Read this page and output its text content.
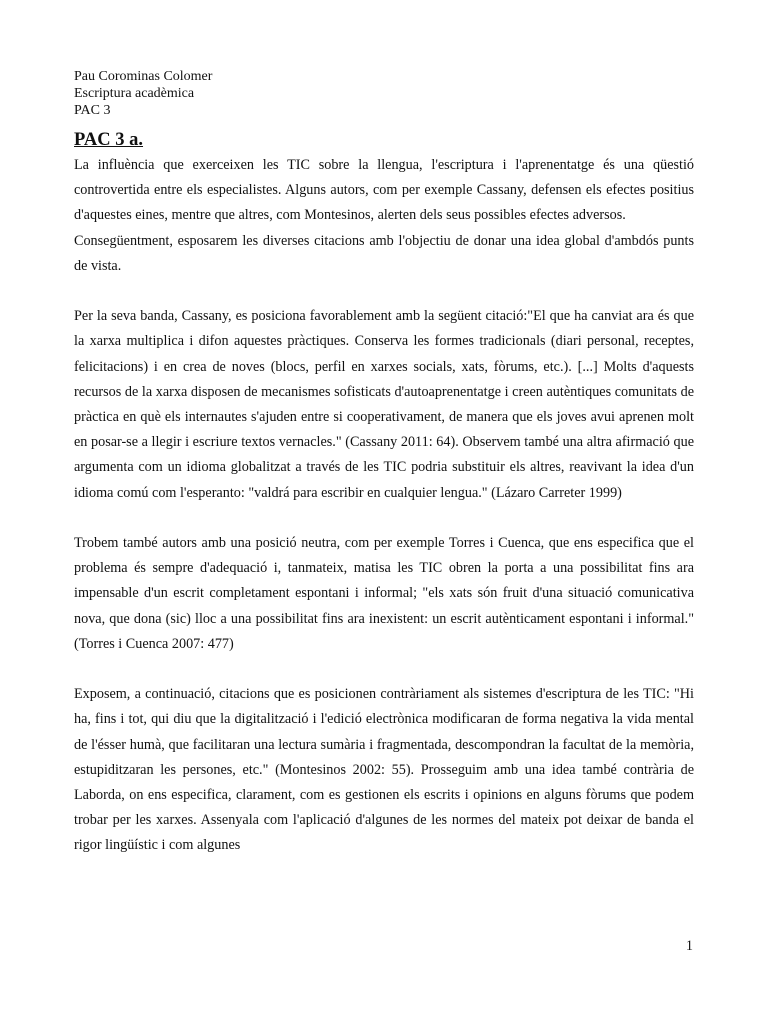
Pau Corominas Colomer

Escriptura acadèmica

PAC 3

PAC 3 a.

La influència que exerceixen les TIC sobre la llengua, l'escriptura i l'aprenentatge és una qüestió controvertida entre els especialistes. Alguns autors, com per exemple Cassany, defensen els efectes positius d'aquestes eines, mentre que altres, com Montesinos, alerten dels seus possibles efectes adversos.

Consegüentment, esposarem les diverses citacions amb l'objectiu de donar una idea global d'ambdós punts de vista.

Per la seva banda, Cassany, es posiciona favorablement amb la següent citació:"El que ha canviat ara és que la xarxa multiplica i difon aquestes pràctiques. Conserva les formes tradicionals (diari personal, receptes, felicitacions) i en crea de noves (blocs, perfil en xarxes socials, xats, fòrums, etc.). [...] Molts d'aquests recursos de la xarxa disposen de mecanismes sofisticats d'autoaprenentatge i creen autèntiques comunitats de pràctica en què els internautes s'ajuden entre si cooperativament, de manera que els joves avui aprenen molt en posar-se a llegir i escriure textos vernacles." (Cassany 2011: 64). Observem també una altra afirmació que argumenta com un idioma globalitzat a través de les TIC podria substituir els altres, reavivant la idea d'un idioma comú com l'esperanto: "valdrá para escribir en cualquier lengua." (Lázaro Carreter 1999)

Trobem també autors amb una posició neutra, com per exemple Torres i Cuenca, que ens especifica que el problema és sempre d'adequació i, tanmateix, matisa les TIC obren la porta a una possibilitat fins ara impensable d'un escrit completament espontani i informal; "els xats són fruit d'una situació comunicativa nova, que dona (sic) lloc a una possibilitat fins ara inexistent: un escrit autènticament espontani i informal." (Torres i Cuenca 2007: 477)

Exposem, a continuació, citacions que es posicionen contràriament als sistemes d'escriptura de les TIC: "Hi ha, fins i tot, qui diu que la digitalització i l'edició electrònica modificaran de forma negativa la vida mental de l'ésser humà, que facilitaran una lectura sumària i fragmentada, descompondran la facultat de la memòria, estupiditzaran les persones, etc." (Montesinos 2002: 55). Prosseguim amb una idea també contrària de Laborda, on ens especifica, clarament, com es gestionen els escrits i opinions en alguns fòrums que podem trobar per les xarxes. Assenyala com l'aplicació d'algunes de les normes del mateix pot deixar de banda el rigor lingüístic i com algunes

1
